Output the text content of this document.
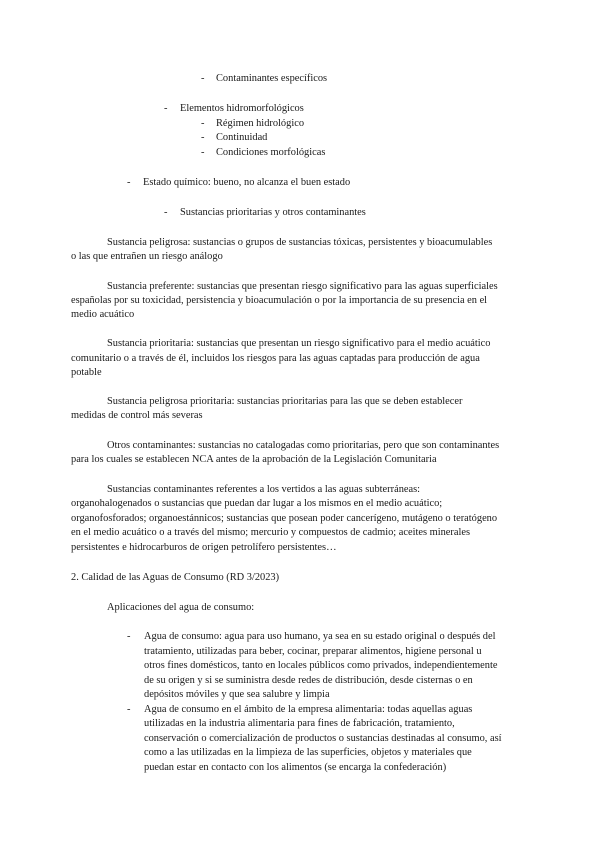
- Contaminantes específicos
- Elementos hidromorfológicos
- Régimen hidrológico
- Continuidad
- Condiciones morfológicas
- Estado químico: bueno, no alcanza el buen estado
- Sustancias prioritarias y otros contaminantes
Sustancia peligrosa: sustancias o grupos de sustancias tóxicas, persistentes y bioacumulables
o las que entrañen un riesgo análogo
Sustancia preferente: sustancias que presentan riesgo significativo para las aguas superficiales
españolas por su toxicidad, persistencia y bioacumulación o por la importancia de su presencia en el
medio acuático
Sustancia prioritaria: sustancias que presentan un riesgo significativo para el medio acuático
comunitario o a través de él, incluidos los riesgos para las aguas captadas para producción de agua
potable
Sustancia peligrosa prioritaria: sustancias prioritarias para las que se deben establecer
medidas de control más severas
Otros contaminantes: sustancias no catalogadas como prioritarias, pero que son contaminantes
para los cuales se establecen NCA antes de la aprobación de la Legislación Comunitaria
Sustancias contaminantes referentes a los vertidos a las aguas subterráneas:
organohalogenados o sustancias que puedan dar lugar a los mismos en el medio acuático;
organofosforados; organoestánnicos; sustancias que posean poder cancerígeno, mutágeno o teratógeno
en el medio acuático o a través del mismo; mercurio y compuestos de cadmio; aceites minerales
persistentes e hidrocarburos de origen petrolífero persistentes…
2. Calidad de las Aguas de Consumo (RD 3/2023)
Aplicaciones del agua de consumo:
- Agua de consumo: agua para uso humano, ya sea en su estado original o después del
tratamiento, utilizadas para beber, cocinar, preparar alimentos, higiene personal u
otros fines domésticos, tanto en locales públicos como privados, independientemente
de su origen y si se suministra desde redes de distribución, desde cisternas o en
depósitos móviles y que sea salubre y limpia
- Agua de consumo en el ámbito de la empresa alimentaria: todas aquellas aguas
utilizadas en la industria alimentaria para fines de fabricación, tratamiento,
conservación o comercialización de productos o sustancias destinadas al consumo, así
como a las utilizadas en la limpieza de las superficies, objetos y materiales que
puedan estar en contacto con los alimentos (se encarga la confederación)
